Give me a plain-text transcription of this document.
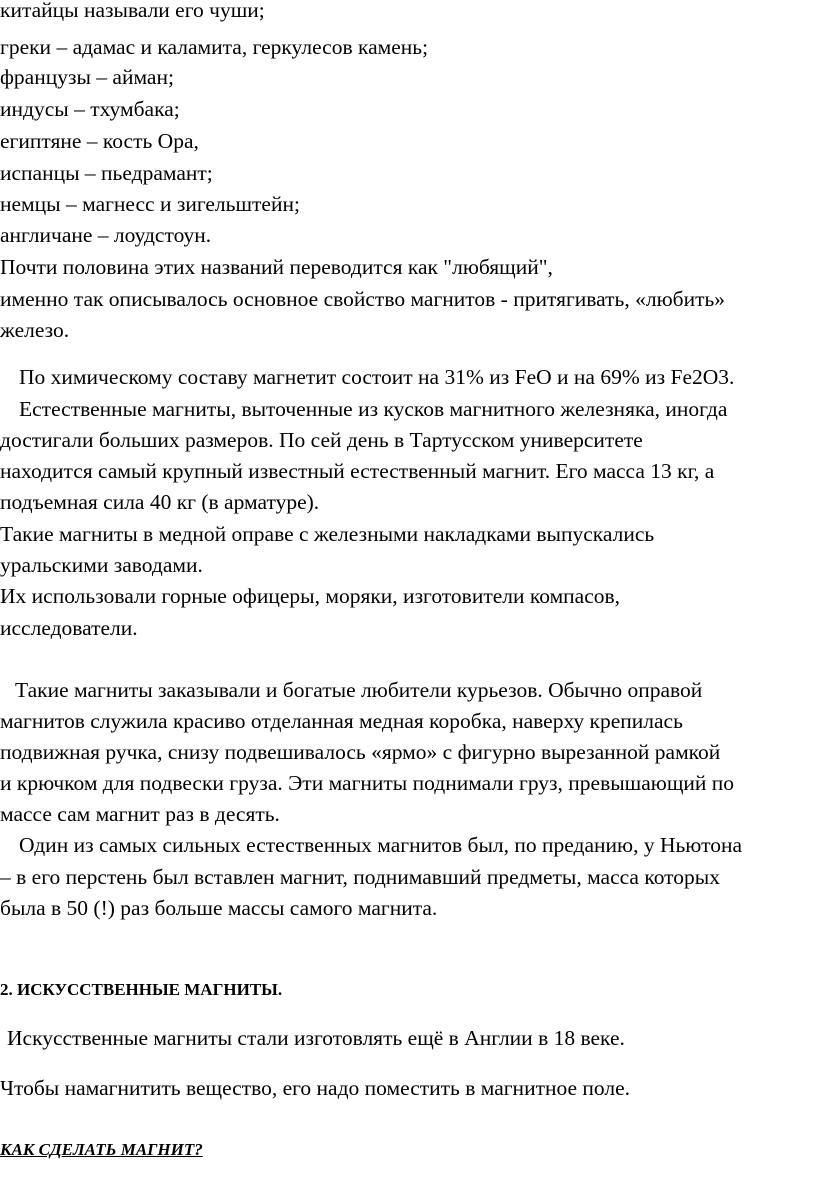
китайцы называли его чуши;
греки – адамас и каламита, геркулесов камень;
французы – айман;
индусы – тхумбака;
египтяне – кость Ора,
испанцы – пьедрамант;
немцы – магнесс и зигельштейн;
англичане – лоудстоун.
Почти половина этих названий переводится как "любящий",
именно так описывалось основное свойство магнитов - притягивать, «любить»
железо.
По химическому составу магнетит состоит на 31% из FeO и на 69% из Fe2O3.
Естественные магниты, выточенные из кусков магнитного железняка, иногда
достигали больших размеров. По сей день в Тартусском университете
находится самый крупный известный естественный магнит. Его масса 13 кг, а
подъемная сила 40 кг (в арматуре).
Такие магниты в медной оправе с железными накладками выпускались
уральскими заводами.
Их использовали горные офицеры, моряки, изготовители компасов,
исследователи.
Такие магниты заказывали и богатые любители курьезов. Обычно оправой
магнитов служила красиво отделанная медная коробка, наверху крепилась
подвижная ручка, снизу подвешивалось «ярмо» с фигурно вырезанной рамкой
и крючком для подвески груза. Эти магниты поднимали груз, превышающий по
массе сам магнит раз в десять.
Один из самых сильных естественных магнитов был, по преданию, у Ньютона
– в его перстень был вставлен магнит, поднимавший предметы, масса которых
была в 50 (!) раз больше массы самого магнита.
2. ИСКУССТВЕННЫЕ МАГНИТЫ.
Искусственные магниты стали изготовлять ещё в Англии в 18 веке.
Чтобы намагнитить вещество, его надо поместить в магнитное поле.
КАК СДЕЛАТЬ МАГНИТ?
